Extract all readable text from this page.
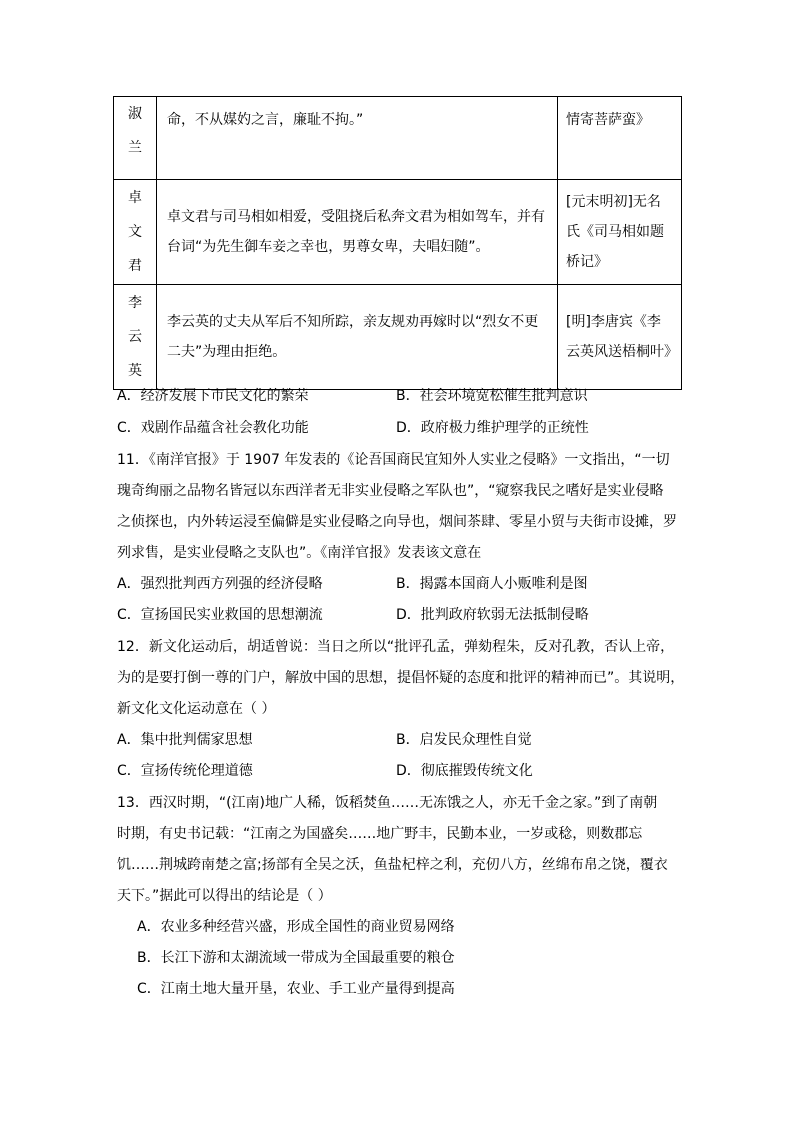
淑兰	命，不从媒妁之言，廉耻不拘。”	情寄菩萨蛮》
卓文君	卓文君与司马相如相爱，受阻挠后私奔文君为相如驾车，并有台词“为先生御车妾之幸也，男尊女卑，夫唱妇随”。	[元末明初]无名氏《司马相如题桥记》
李云英	李云英的丈夫从军后不知所踪，亲友规劝再嫁时以“烈女不更二夫”为理由拒绝。	[明]李唐宾《李云英风送梧桐叶》
A．经济发展下市民文化的繁荣	B．社会环境宽松催生批判意识
C．戏剧作品蕴含社会教化功能	D．政府极力维护理学的正统性
11．《南洋官报》于 1907 年发表的《论吾国商民宜知外人实业之侵略》一文指出，“一切
瑰奇绚丽之品物名皆冠以东西洋者无非实业侵略之军队也”，“窥察我民之嗜好是实业侵略
之侦探也，内外转运浸至偏僻是实业侵略之向导也，烟间茶肆、零星小贸与夫街市设摊，罗
列求售，是实业侵略之支队也”。《南洋官报》发表该文意在
A．强烈批判西方列强的经济侵略	B．揭露本国商人小贩唯利是图
C．宣扬国民实业救国的思想潮流	D．批判政府软弱无法抵制侵略
12．新文化运动后，胡适曾说：当日之所以“批评孔孟，弹劾程朱，反对孔教，否认上帝，
为的是要打倒一尊的门户，解放中国的思想，提倡怀疑的态度和批评的精神而已”。其说明，
新文化文化运动意在（ ）
A．集中批判儒家思想	B．启发民众理性自觉
C．宣扬传统伦理道德	D．彻底摧毁传统文化
13．西汉时期，“(江南)地广人稀，饭稻焚鱼……无冻饿之人，亦无千金之家。”到了南朝
时期，有史书记载：“江南之为国盛矣……地广野丰，民勤本业，一岁或稔，则数郡忘
饥……荆城跨南楚之富;扬部有全吴之沃，鱼盐杞梓之利，充仞八方，丝绵布帛之饶，覆衣
天下。”据此可以得出的结论是（ ）
A．农业多种经营兴盛，形成全国性的商业贸易网络
B．长江下游和太湖流域一带成为全国最重要的粮仓
C．江南土地大量开垦，农业、手工业产量得到提高
